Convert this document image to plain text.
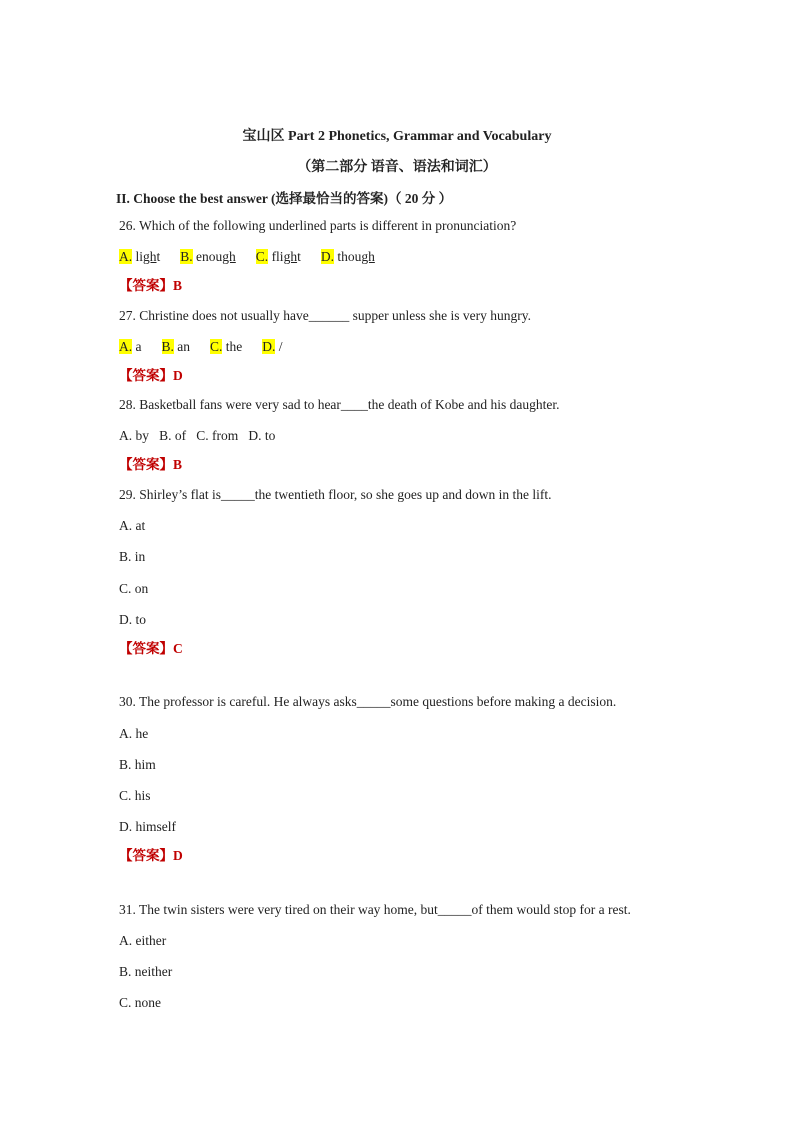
宝山区 Part 2 Phonetics, Grammar and Vocabulary
（第二部分 语音、语法和词汇）
II. Choose the best answer (选择最恰当的答案)（ 20 分 ）
26. Which of the following underlined parts is different in pronunciation?
A. light B. enough C. flight D. though
【答案】B
27. Christine does not usually have______ supper unless she is very hungry.
A. a B. an C. the D. /
【答案】D
28. Basketball fans were very sad to hear____the death of Kobe and his daughter.
A. by   B. of   C. from   D. to
【答案】B
29. Shirley’s flat is_____the twentieth floor, so she goes up and down in the lift.
A. at
B. in
C. on
D. to
【答案】C
30. The professor is careful. He always asks_____some questions before making a decision.
A. he
B. him
C. his
D. himself
【答案】D
31. The twin sisters were very tired on their way home, but_____of them would stop for a rest.
A. either
B. neither
C. none
